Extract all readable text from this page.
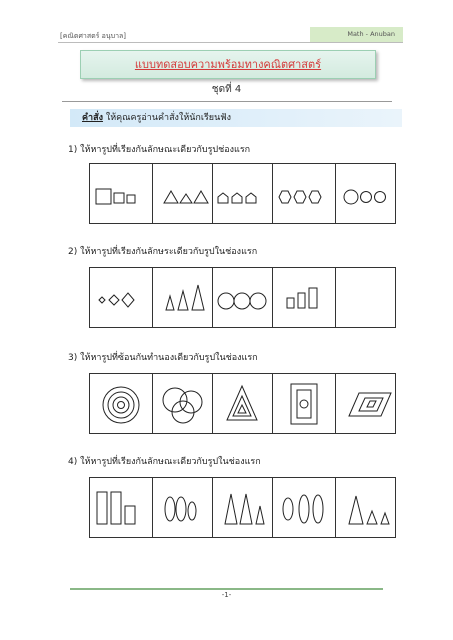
[คณิตศาสตร์ อนุบาล]	Math - Anuban
แบบทดสอบความพร้อมทางคณิตศาสตร์
ชุดที่ 4
คำสั่ง ให้คุณครูอ่านคำสั่งให้นักเรียนฟัง
1) ให้หารูปที่เรียงกันลักษณะเดียวกับรูปช่องแรก
2) ให้หารูปที่เรียงกันลักษระเดียวกับรูปในช่องแรก
3) ให้หารูปที่ซ้อนกันทำนองเดียวกับรูปในช่องแรก
4) ให้หารูปที่เรียงกันลักษณะเดียวกับรูปในช่องแรก
-1-
